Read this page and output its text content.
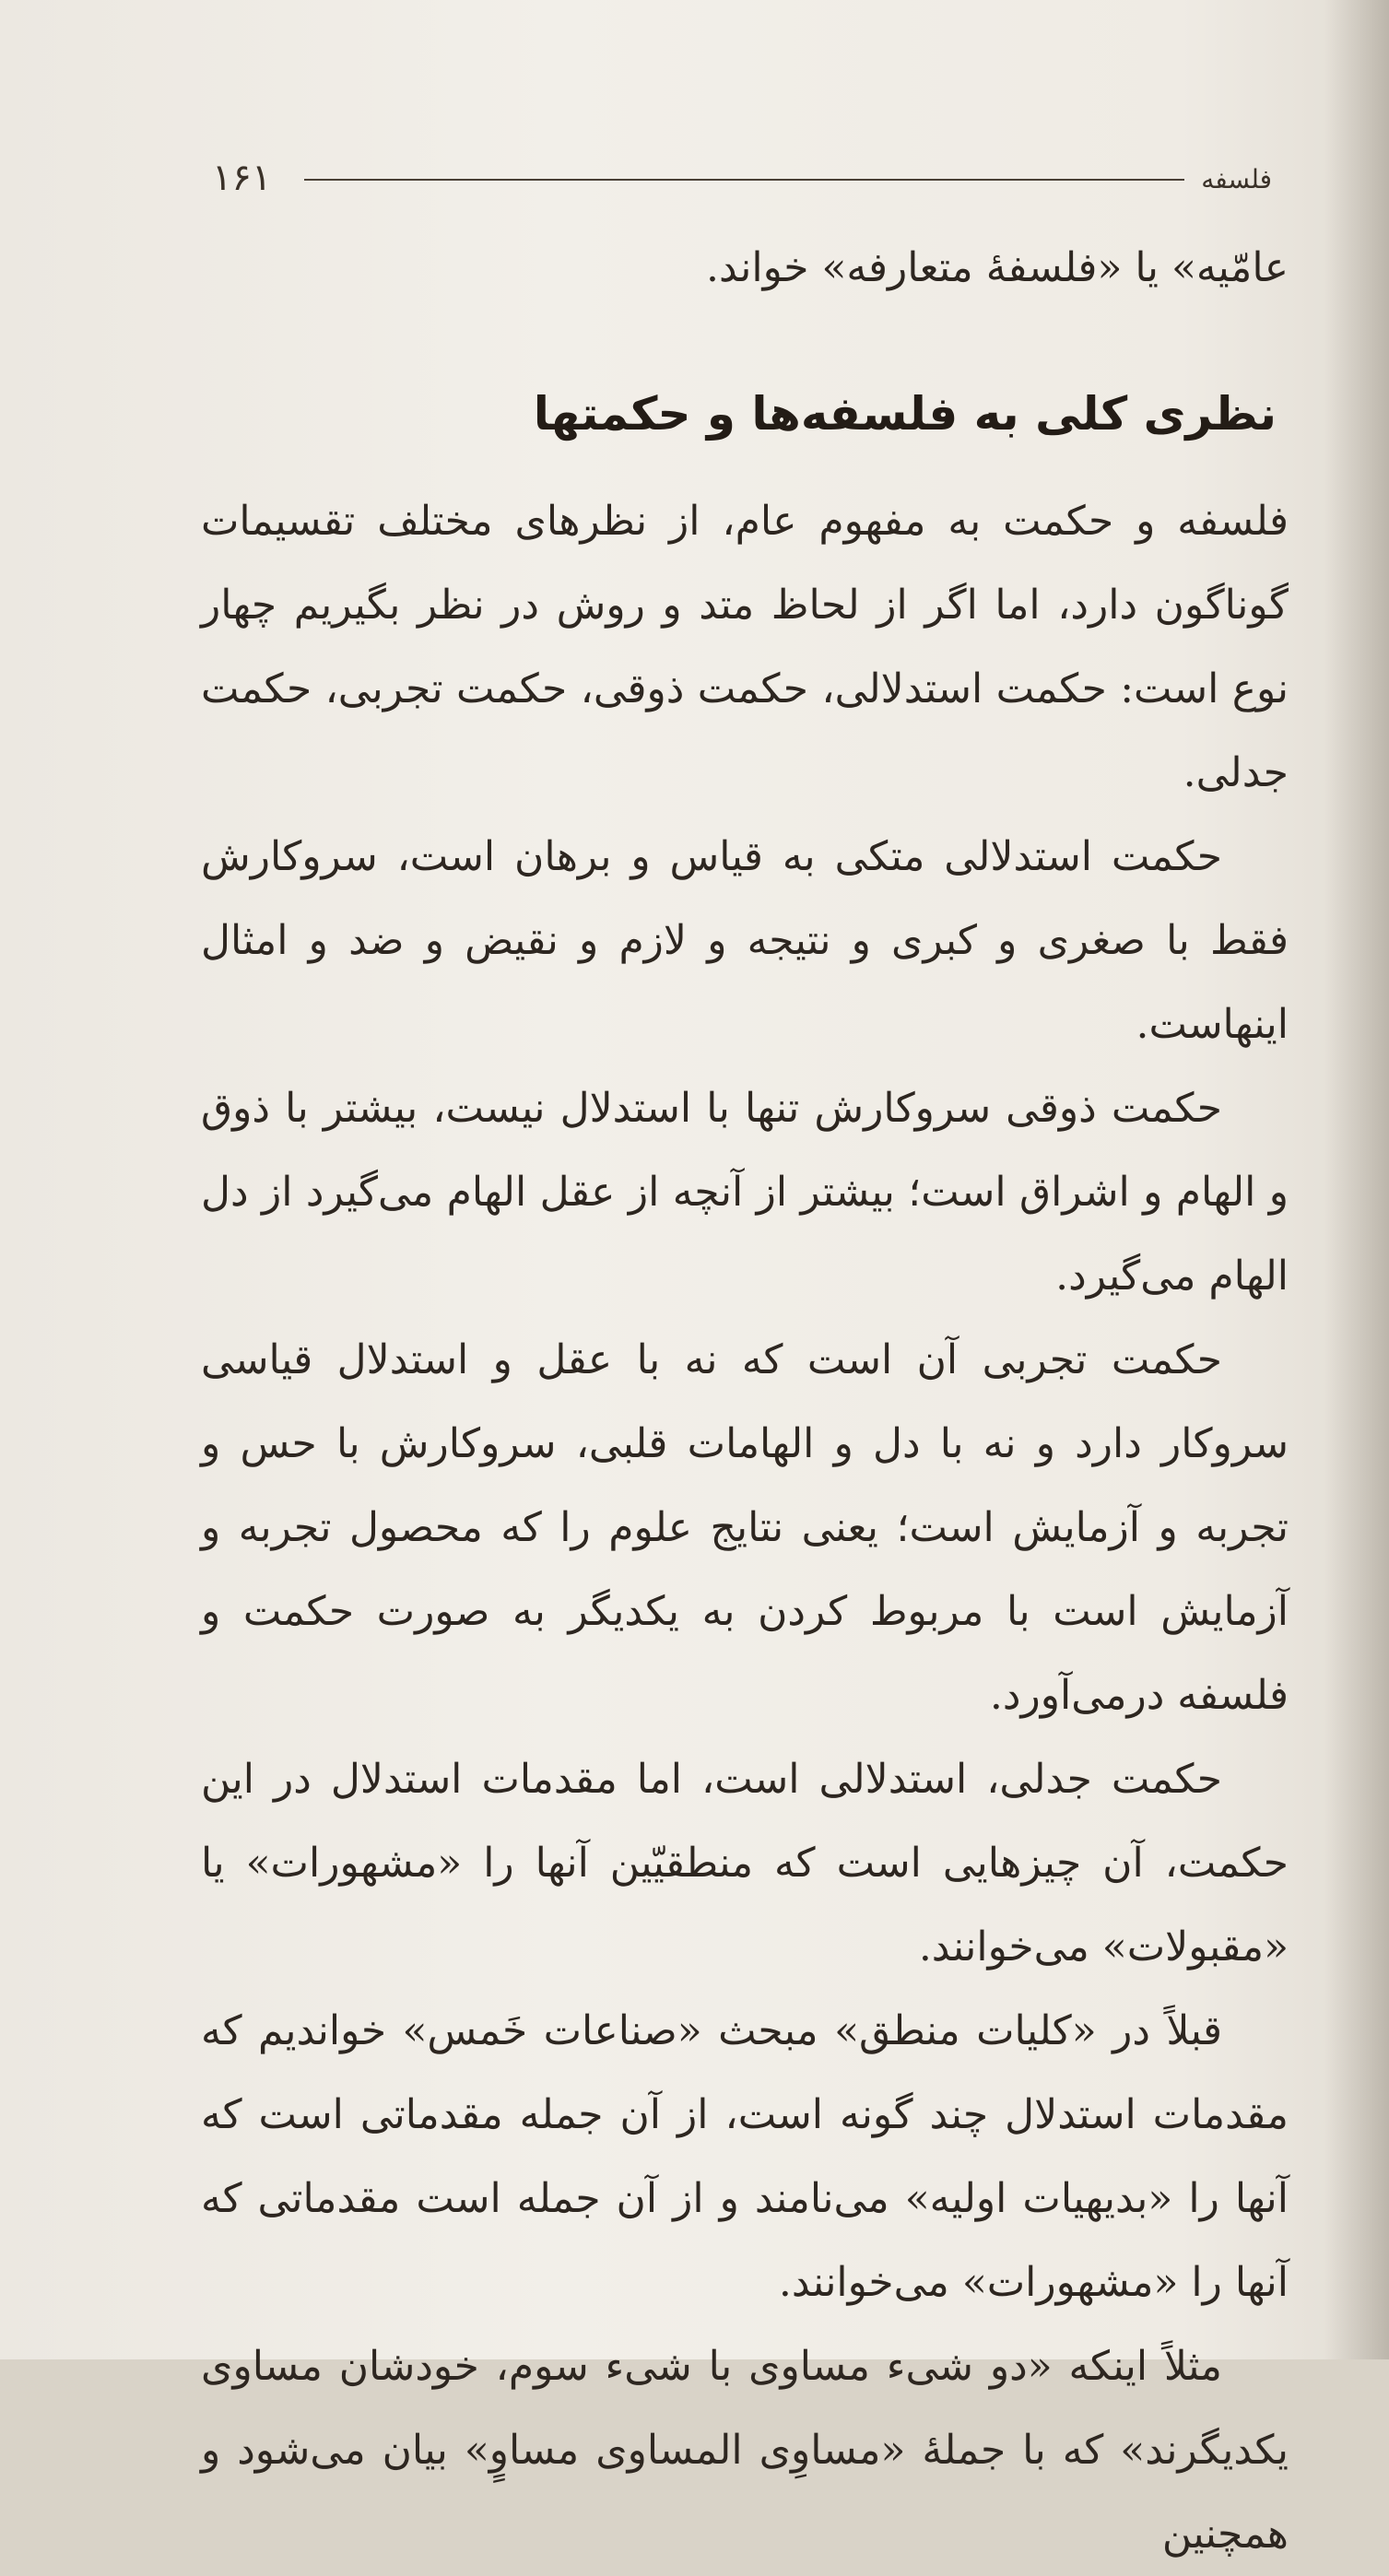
۱۶۱	فلسفه
عامّیه» یا «فلسفهٔ متعارفه» خواند.
نظری کلی به فلسفه‌ها و حکمتها

فلسفه و حکمت به مفهوم عام، از نظرهای مختلف تقسیمات گوناگون دارد، اما اگر از لحاظ متد و روش در نظر بگیریم چهار نوع است: حکمت استدلالی، حکمت ذوقی، حکمت تجربی، حکمت جدلی.

حکمت استدلالی متکی به قیاس و برهان است، سروکارش فقط با صغری و کبری و نتیجه و لازم و نقیض و ضد و امثال اینهاست.

حکمت ذوقی سروکارش تنها با استدلال نیست، بیشتر با ذوق و الهام و اشراق است؛ بیشتر از آنچه از عقل الهام می‌گیرد از دل الهام می‌گیرد.

حکمت تجربی آن است که نه با عقل و استدلال قیاسی سروکار دارد و نه با دل و الهامات قلبی، سروکارش با حس و تجربه و آزمایش است؛ یعنی نتایج علوم را که محصول تجربه و آزمایش است با مربوط کردن به یکدیگر به صورت حکمت و فلسفه درمی‌آورد.

حکمت جدلی، استدلالی است، اما مقدمات استدلال در این حکمت، آن چیزهایی است که منطقیّین آنها را «مشهورات» یا «مقبولات» می‌خوانند.

قبلاً در «کلیات منطق» مبحث «صناعات خَمس» خواندیم که مقدمات استدلال چند گونه است، از آن جمله مقدماتی است که آنها را «بدیهیات اولیه» می‌نامند و از آن جمله است مقدماتی که آنها را «مشهورات» می‌خوانند.

مثلاً اینکه «دو شیء مساوی با شیء سوم، خودشان مساوی یکدیگرند» که با جملهٔ «مساوِی المساوی مساوٍ» بیان می‌شود و همچنین
